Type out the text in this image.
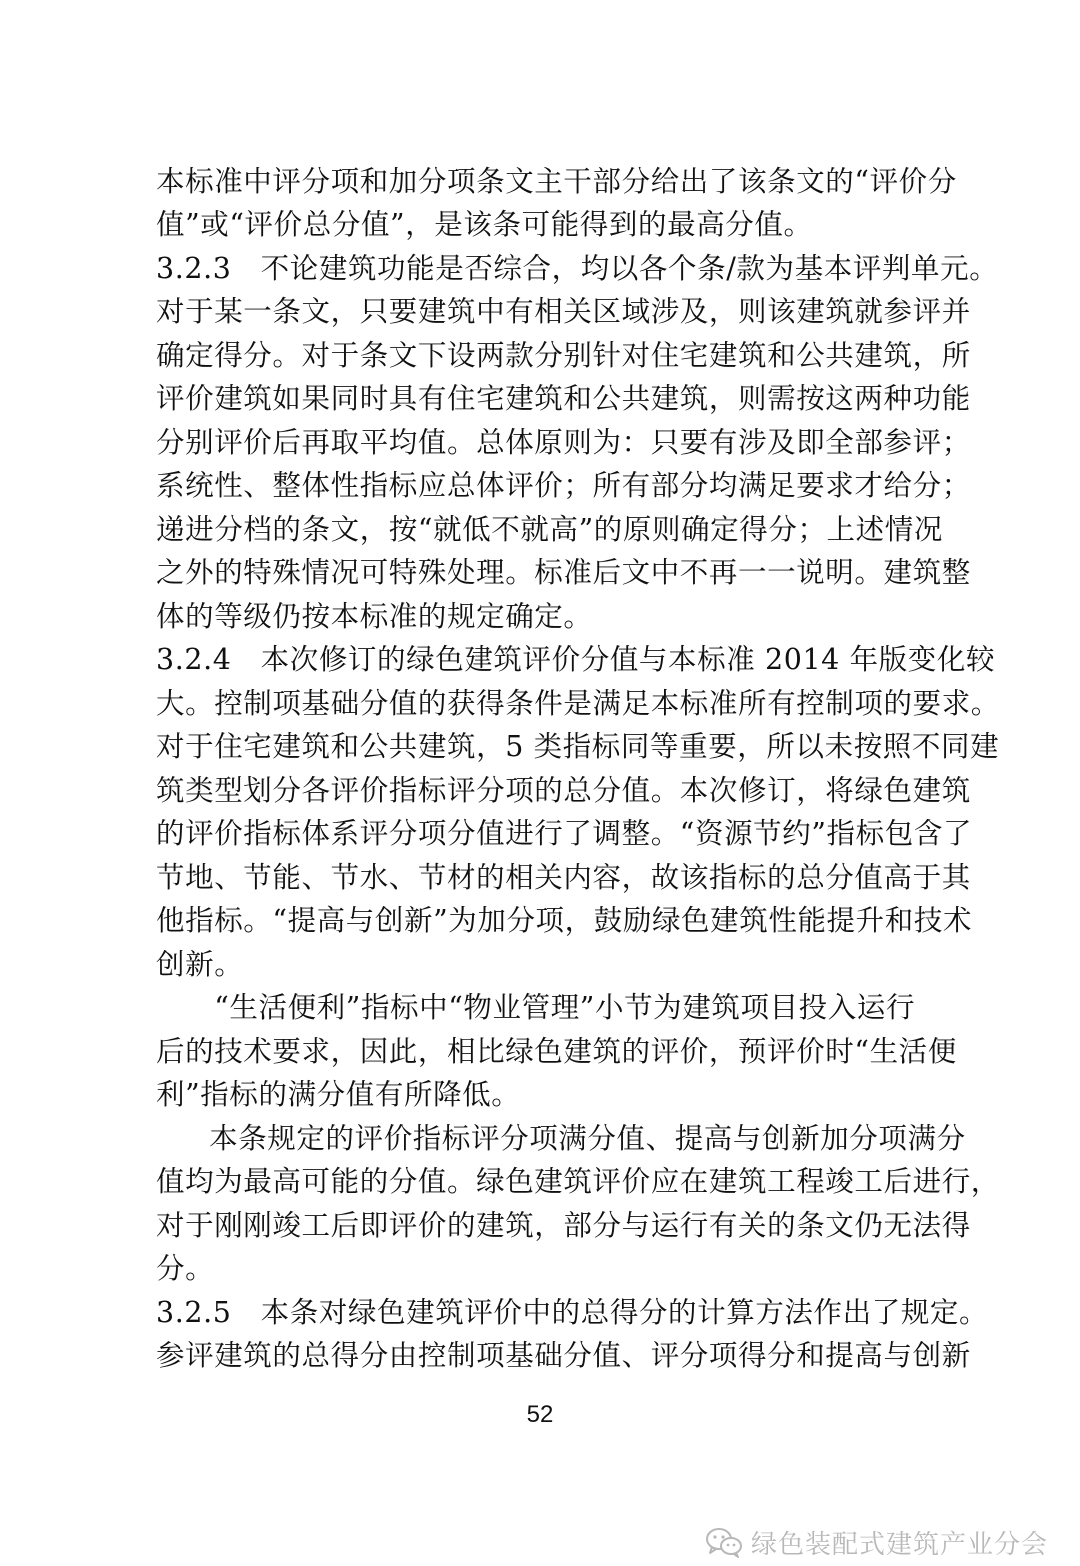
本标准中评分项和加分项条文主干部分给出了该条文的“评价分
值”或“评价总分值”，是该条可能得到的最高分值。
3.2.3　不论建筑功能是否综合，均以各个条/款为基本评判单元。
对于某一条文，只要建筑中有相关区域涉及，则该建筑就参评并
确定得分。对于条文下设两款分别针对住宅建筑和公共建筑，所
评价建筑如果同时具有住宅建筑和公共建筑，则需按这两种功能
分别评价后再取平均值。总体原则为：只要有涉及即全部参评；
系统性、整体性指标应总体评价；所有部分均满足要求才给分；
递进分档的条文，按“就低不就高”的原则确定得分；上述情况
之外的特殊情况可特殊处理。标准后文中不再一一说明。建筑整
体的等级仍按本标准的规定确定。
3.2.4　本次修订的绿色建筑评价分值与本标准 2014 年版变化较
大。控制项基础分值的获得条件是满足本标准所有控制项的要求。
对于住宅建筑和公共建筑，5 类指标同等重要，所以未按照不同建
筑类型划分各评价指标评分项的总分值。本次修订，将绿色建筑
的评价指标体系评分项分值进行了调整。“资源节约”指标包含了
节地、节能、节水、节材的相关内容，故该指标的总分值高于其
他指标。“提高与创新”为加分项，鼓励绿色建筑性能提升和技术
创新。
　　“生活便利”指标中“物业管理”小节为建筑项目投入运行
后的技术要求，因此，相比绿色建筑的评价，预评价时“生活便
利”指标的满分值有所降低。
　本条规定的评价指标评分项满分值、提高与创新加分项满分
值均为最高可能的分值。绿色建筑评价应在建筑工程竣工后进行，
对于刚刚竣工后即评价的建筑，部分与运行有关的条文仍无法得
分。
3.2.5　本条对绿色建筑评价中的总得分的计算方法作出了规定。
参评建筑的总得分由控制项基础分值、评分项得分和提高与创新
52
绿色装配式建筑产业分会
